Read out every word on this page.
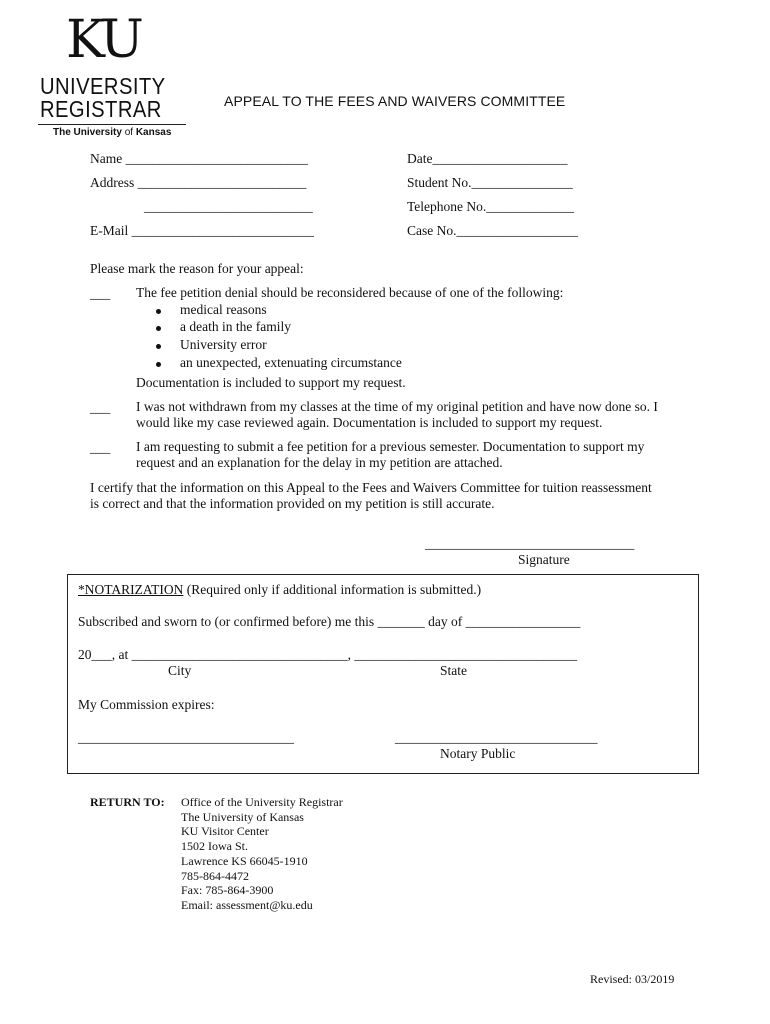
KU
UNIVERSITY
REGISTRAR
The University of Kansas
APPEAL TO THE FEES AND WAIVERS COMMITTEE
Name ___________________________
Address _________________________
_________________________
E-Mail ___________________________
Date____________________
Student No._______________
Telephone No._____________
Case No.__________________
Please mark the reason for your appeal:
___ The fee petition denial should be reconsidered because of one of the following:
medical reasons
a death in the family
University error
an unexpected, extenuating circumstance
Documentation is included to support my request.
___ I was not withdrawn from my classes at the time of my original petition and have now done so. I
would like my case reviewed again. Documentation is included to support my request.
___ I am requesting to submit a fee petition for a previous semester. Documentation to support my
request and an explanation for the delay in my petition are attached.
I certify that the information on this Appeal to the Fees and Waivers Committee for tuition reassessment
is correct and that the information provided on my petition is still accurate.
_______________________________
Signature
*NOTARIZATION (Required only if additional information is submitted.)
Subscribed and sworn to (or confirmed before) me this _______ day of _________________
20___, at ________________________________, _________________________________
City	State
My Commission expires:
________________________________	______________________________
Notary Public
RETURN TO: Office of the University Registrar
The University of Kansas
KU Visitor Center
1502 Iowa St.
Lawrence KS 66045-1910
785-864-4472
Fax: 785-864-3900
Email: assessment@ku.edu
Revised: 03/2019
